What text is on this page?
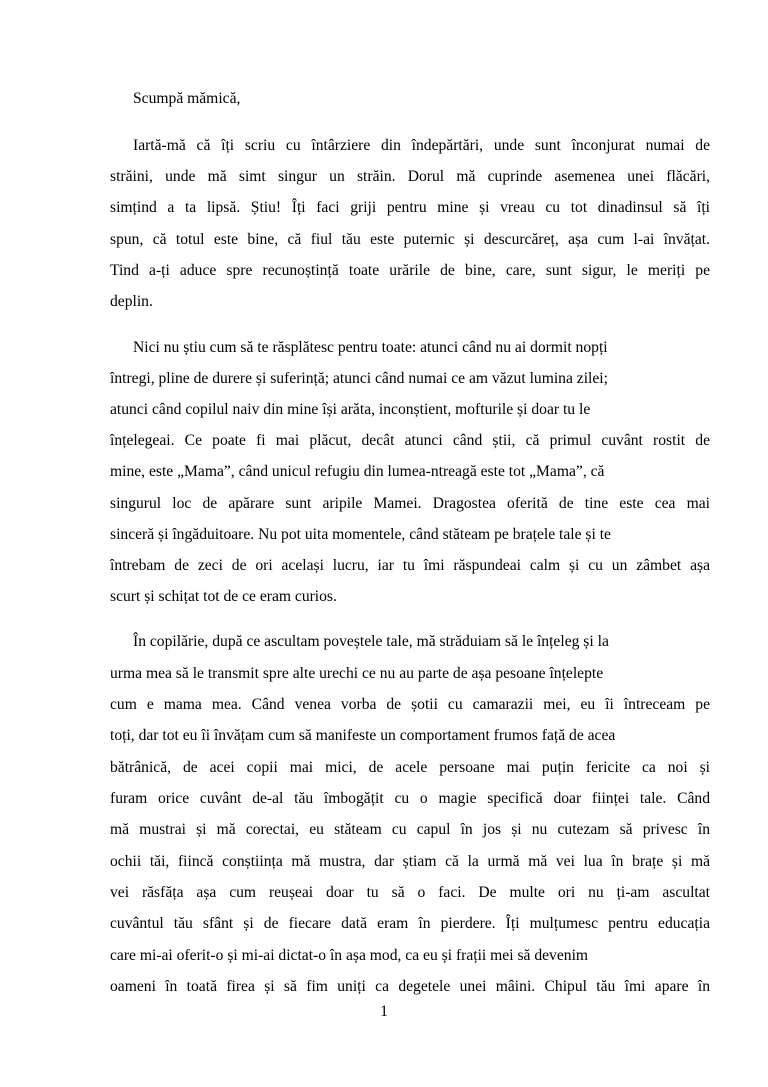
Scumpă mămică,
Iartă-mă că îți scriu cu întârziere din îndepărtări, unde sunt înconjurat numai de
străini, unde mă simt singur un străin. Dorul mă cuprinde asemenea unei flăcări,
simțind a ta lipsă. Știu! Îți faci griji pentru mine și vreau cu tot dinadinsul să îți
spun, că totul este bine, că fiul tău este puternic și descurcăreț, așa cum l-ai învățat.
Tind a-ți aduce spre recunoștință toate urările de bine, care, sunt sigur, le meriți pe
deplin.
Nici nu știu cum să te răsplătesc pentru toate: atunci când nu ai dormit nopți
întregi, pline de durere și suferință; atunci când numai ce am văzut lumina zilei;
atunci când copilul naiv din mine își arăta, inconștient, mofturile și doar tu le
înțelegeai. Ce poate fi mai plăcut, decât atunci când știi, că primul cuvânt rostit de
mine, este „Mama”, când unicul refugiu din lumea-ntreagă este tot „Mama”, că
singurul loc de apărare sunt aripile Mamei. Dragostea oferită de tine este cea mai
sinceră și îngăduitoare. Nu pot uita momentele, când stăteam pe brațele tale și te
întrebam de zeci de ori același lucru, iar tu îmi răspundeai calm și cu un zâmbet așa
scurt și schițat tot de ce eram curios.
În copilărie, după ce ascultam poveștele tale, mă străduiam să le înțeleg și la
urma mea să le transmit spre alte urechi ce nu au parte de așa pesoane înțelepte
cum e mama mea. Când venea vorba de șotii cu camarazii mei, eu îi întreceam pe
toți, dar tot eu îi învățam cum să manifeste un comportament frumos față de acea
bătrânică, de acei copii mai mici, de acele persoane mai puțin fericite ca noi și
furam orice cuvânt de-al tău îmbogățit cu o magie specifică doar ființei tale. Când
mă mustrai și mă corectai, eu stăteam cu capul în jos și nu cutezam să privesc în
ochii tăi, fiincă conștiința mă mustra, dar știam că la urmă mă vei lua în brațe și mă
vei răsfăța așa cum reușeai doar tu să o faci. De multe ori nu ți-am ascultat
cuvântul tău sfânt și de fiecare dată eram în pierdere. Îți mulțumesc pentru educația
care mi-ai oferit-o și mi-ai dictat-o în așa mod, ca eu și frații mei să devenim
oameni în toată firea și să fim uniți ca degetele unei mâini. Chipul tău îmi apare în
1
